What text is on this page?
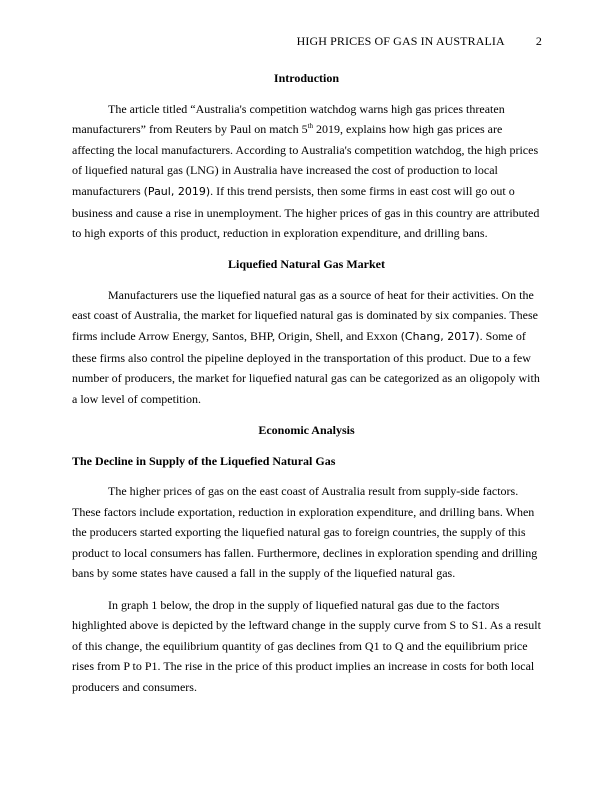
HIGH PRICES OF GAS IN AUSTRALIA	2
Introduction

The article titled “Australia's competition watchdog warns high gas prices threaten manufacturers” from Reuters by Paul on match 5th 2019, explains how high gas prices are affecting the local manufacturers. According to Australia's competition watchdog, the high prices of liquefied natural gas (LNG) in Australia have increased the cost of production to local manufacturers (Paul, 2019). If this trend persists, then some firms in east cost will go out o business and cause a rise in unemployment. The higher prices of gas in this country are attributed to high exports of this product, reduction in exploration expenditure, and drilling bans.

Liquefied Natural Gas Market

Manufacturers use the liquefied natural gas as a source of heat for their activities. On the east coast of Australia, the market for liquefied natural gas is dominated by six companies. These firms include Arrow Energy, Santos, BHP, Origin, Shell, and Exxon (Chang, 2017). Some of these firms also control the pipeline deployed in the transportation of this product. Due to a few number of producers, the market for liquefied natural gas can be categorized as an oligopoly with a low level of competition.

Economic Analysis
The Decline in Supply of the Liquefied Natural Gas

The higher prices of gas on the east coast of Australia result from supply-side factors. These factors include exportation, reduction in exploration expenditure, and drilling bans. When the producers started exporting the liquefied natural gas to foreign countries, the supply of this product to local consumers has fallen. Furthermore, declines in exploration spending and drilling bans by some states have caused a fall in the supply of the liquefied natural gas.

In graph 1 below, the drop in the supply of liquefied natural gas due to the factors highlighted above is depicted by the leftward change in the supply curve from S to S1. As a result of this change, the equilibrium quantity of gas declines from Q1 to Q and the equilibrium price rises from P to P1. The rise in the price of this product implies an increase in costs for both local producers and consumers.
